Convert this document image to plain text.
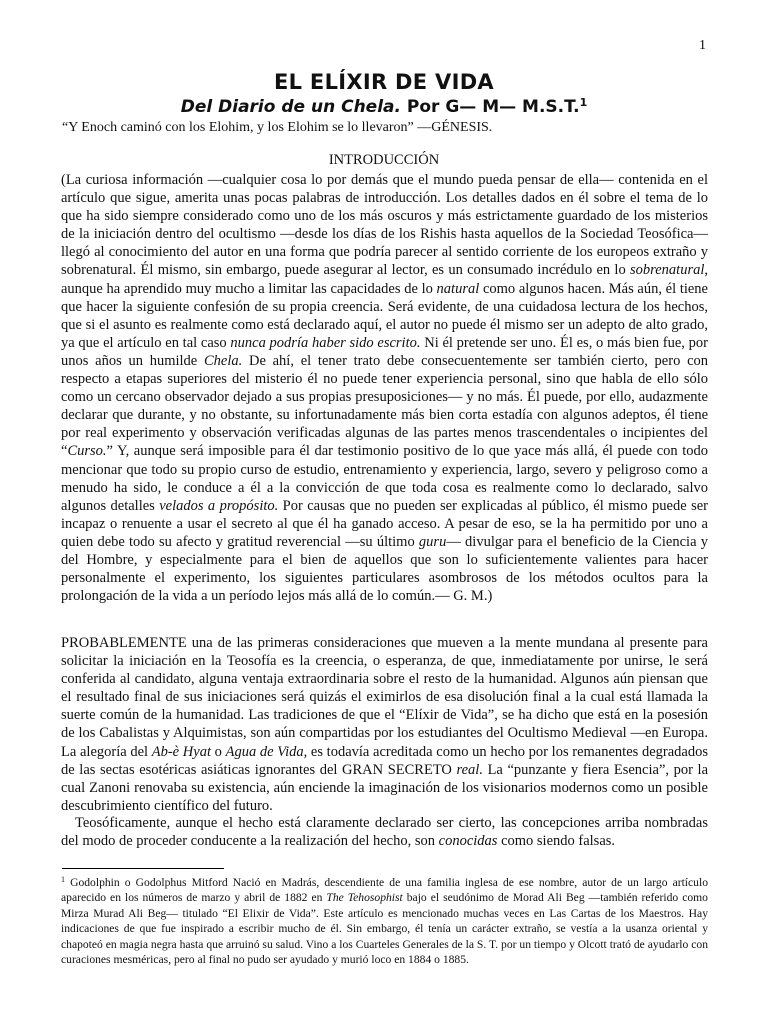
1
EL ELÍXIR DE VIDA
Del Diario de un Chela. Por G— M— M.S.T.$^1$
“Y Enoch caminó con los Elohim, y los Elohim se lo llevaron” —GÉNESIS.
INTRODUCCIÓN
(La curiosa información —cualquier cosa lo por demás que el mundo pueda pensar de ella— contenida en el artículo que sigue, amerita unas pocas palabras de introducción. Los detalles dados en él sobre el tema de lo que ha sido siempre considerado como uno de los más oscuros y más estrictamente guardado de los misterios de la iniciación dentro del ocultismo —desde los días de los Rishis hasta aquellos de la Sociedad Teosófica— llegó al conocimiento del autor en una forma que podría parecer al sentido corriente de los europeos extraño y sobrenatural. Él mismo, sin embargo, puede asegurar al lector, es un consumado incrédulo en lo sobrenatural, aunque ha aprendido muy mucho a limitar las capacidades de lo natural como algunos hacen. Más aún, él tiene que hacer la siguiente confesión de su propia creencia. Será evidente, de una cuidadosa lectura de los hechos, que si el asunto es realmente como está declarado aquí, el autor no puede él mismo ser un adepto de alto grado, ya que el artículo en tal caso nunca podría haber sido escrito. Ni él pretende ser uno. Él es, o más bien fue, por unos años un humilde Chela. De ahí, el tener trato debe consecuentemente ser también cierto, pero con respecto a etapas superiores del misterio él no puede tener experiencia personal, sino que habla de ello sólo como un cercano observador dejado a sus propias presuposiciones— y no más. Él puede, por ello, audazmente declarar que durante, y no obstante, su infortunadamente más bien corta estadía con algunos adeptos, él tiene por real experimento y observación verificadas algunas de las partes menos trascendentales o incipientes del “Curso.” Y, aunque será imposible para él dar testimonio positivo de lo que yace más allá, él puede con todo mencionar que todo su propio curso de estudio, entrenamiento y experiencia, largo, severo y peligroso como a menudo ha sido, le conduce a él a la convicción de que toda cosa es realmente como lo declarado, salvo algunos detalles velados a propósito. Por causas que no pueden ser explicadas al público, él mismo puede ser incapaz o renuente a usar el secreto al que él ha ganado acceso. A pesar de eso, se la ha permitido por uno a quien debe todo su afecto y gratitud reverencial —su último guru— divulgar para el beneficio de la Ciencia y del Hombre, y especialmente para el bien de aquellos que son lo suficientemente valientes para hacer personalmente el experimento, los siguientes particulares asombrosos de los métodos ocultos para la prolongación de la vida a un período lejos más allá de lo común.— G. M.)
PROBABLEMENTE una de las primeras consideraciones que mueven a la mente mundana al presente para solicitar la iniciación en la Teosofía es la creencia, o esperanza, de que, inmediatamente por unirse, le será conferida al candidato, alguna ventaja extraordinaria sobre el resto de la humanidad. Algunos aún piensan que el resultado final de sus iniciaciones será quizás el eximirlos de esa disolución final a la cual está llamada la suerte común de la humanidad. Las tradiciones de que el “Elíxir de Vida”, se ha dicho que está en la posesión de los Cabalistas y Alquimistas, son aún compartidas por los estudiantes del Ocultismo Medieval —en Europa. La alegoría del Ab-è Hyat o Agua de Vida, es todavía acreditada como un hecho por los remanentes degradados de las sectas esotéricas asiáticas ignorantes del GRAN SECRETO real. La “punzante y fiera Esencia”, por la cual Zanoni renovaba su existencia, aún enciende la imaginación de los visionarios modernos como un posible descubrimiento científico del futuro.
Teosóficamente, aunque el hecho está claramente declarado ser cierto, las concepciones arriba nombradas del modo de proceder conducente a la realización del hecho, son conocidas como siendo falsas.
$^1$ Godolphin o Godolphus Mitford Nació en Madrás, descendiente de una familia inglesa de ese nombre, autor de un largo artículo aparecido en los números de marzo y abril de 1882 en The Tehosophist bajo el seudónimo de Morad Ali Beg —también referido como Mirza Murad Ali Beg— titulado “El Elixir de Vida”. Este artículo es mencionado muchas veces en Las Cartas de los Maestros. Hay indicaciones de que fue inspirado a escribir mucho de él. Sin embargo, él tenía un carácter extraño, se vestía a la usanza oriental y chapoteó en magia negra hasta que arruinó su salud. Vino a los Cuarteles Generales de la S. T. por un tiempo y Olcott trató de ayudarlo con curaciones mesméricas, pero al final no pudo ser ayudado y murió loco en 1884 o 1885.
